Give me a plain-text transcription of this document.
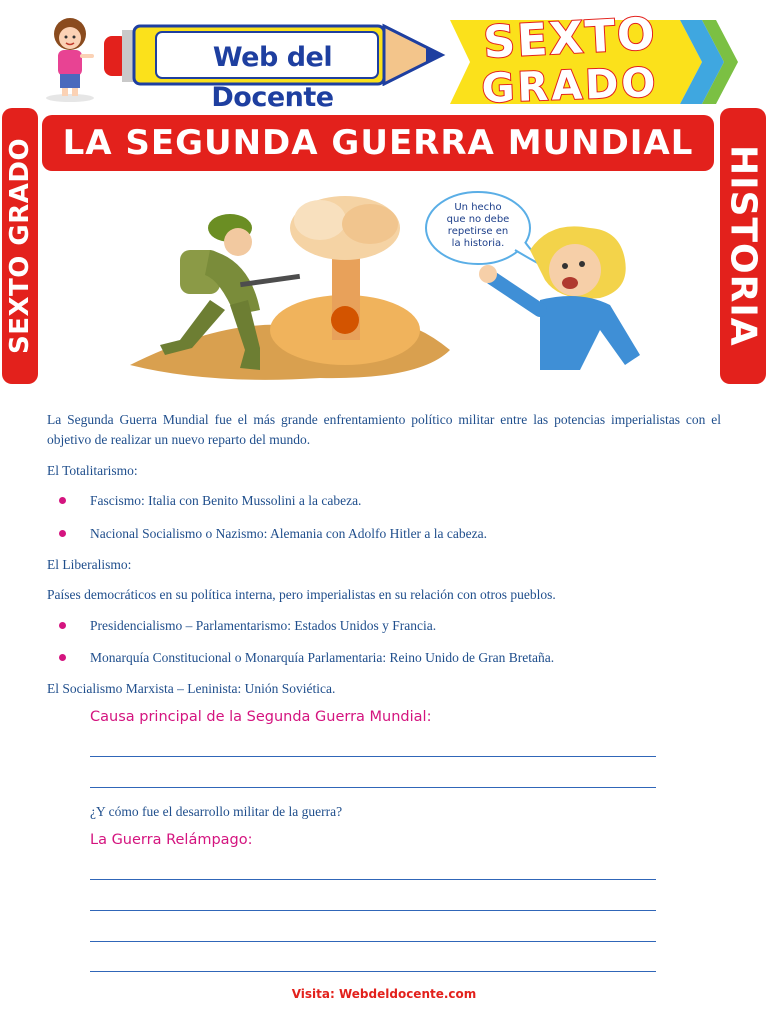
Web del Docente
SEXTO
GRADO
SEXTO GRADO	HISTORIA
LA SEGUNDA GUERRA MUNDIAL
Un hecho
que no debe
repetirse en
la historia.
La Segunda Guerra Mundial fue el más grande enfrentamiento político militar entre las potencias imperialistas con el objetivo de realizar un nuevo reparto del mundo.
El Totalitarismo:
Fascismo: Italia con Benito Mussolini a la cabeza.
Nacional Socialismo o Nazismo: Alemania con Adolfo Hitler a la cabeza.
El Liberalismo:
Países democráticos en su política interna, pero imperialistas en su relación con otros pueblos.
Presidencialismo – Parlamentarismo: Estados Unidos y Francia.
Monarquía Constitucional o Monarquía Parlamentaria: Reino Unido de Gran Bretaña.
El Socialismo Marxista – Leninista: Unión Soviética.
Causa principal de la Segunda Guerra Mundial:
¿Y cómo fue el desarrollo militar de la guerra?
La Guerra Relámpago:
Visita: Webdeldocente.com
